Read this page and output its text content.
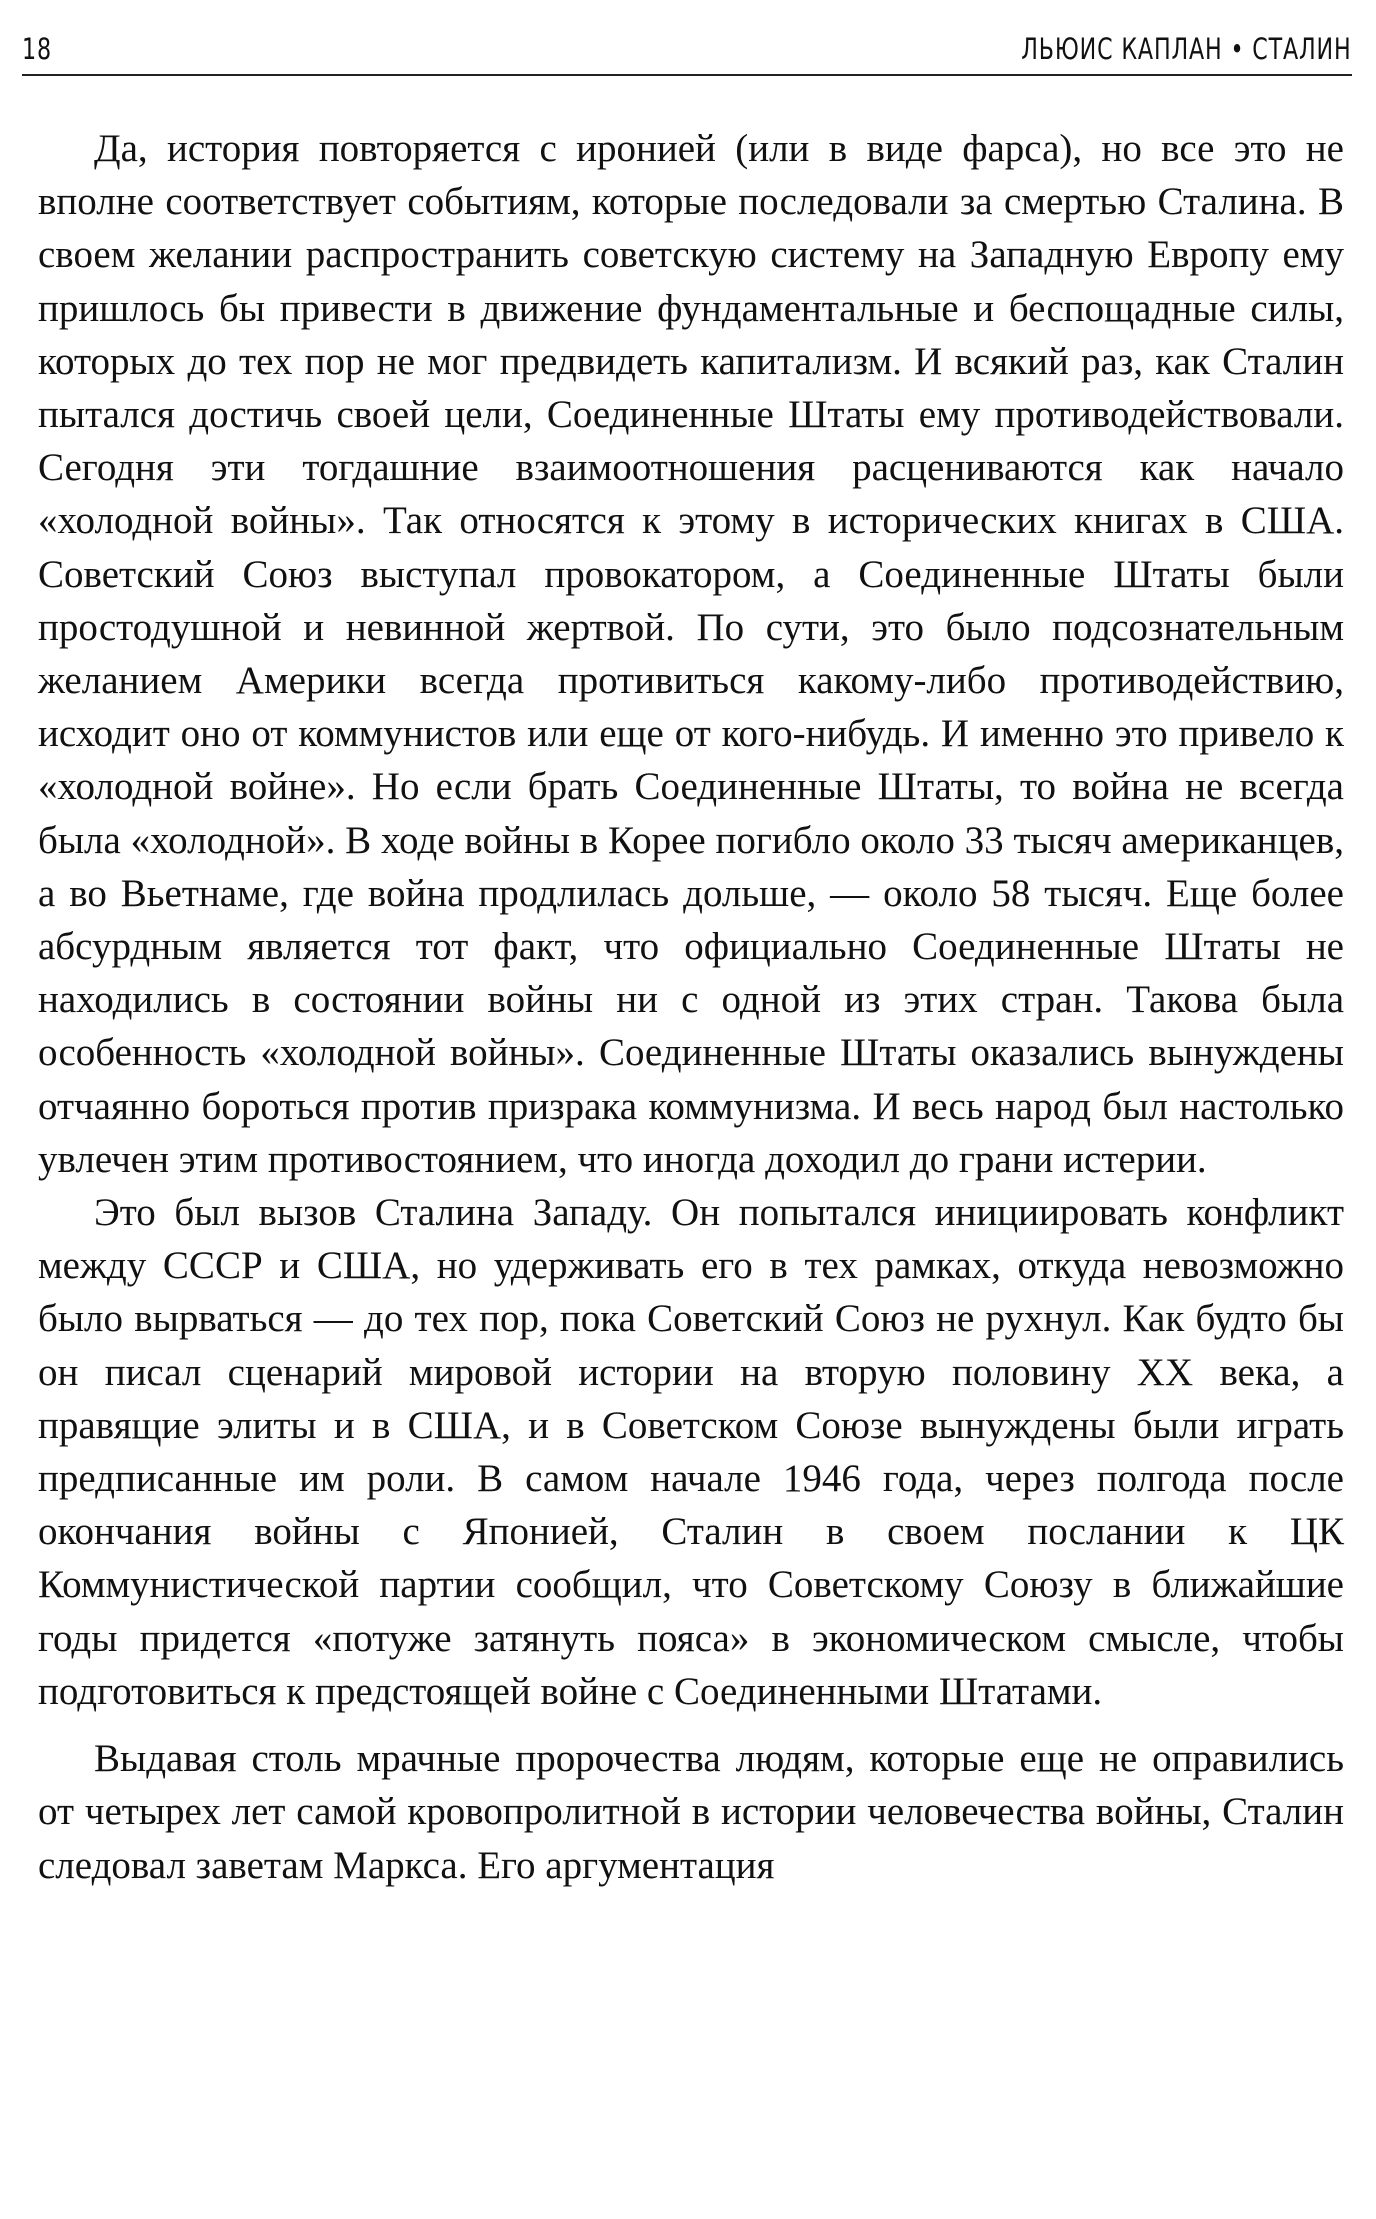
18	ЛЬЮИС КАПЛАН • СТАЛИН

Да, история повторяется с иронией (или в виде фарса), но все это не вполне соответствует событиям, которые последовали за смертью Сталина. В своем желании распространить советскую систему на Западную Европу ему пришлось бы привести в движение фундаментальные и беспощадные силы, которых до тех пор не мог предвидеть капитализм. И всякий раз, как Сталин пытался достичь своей цели, Соединенные Штаты ему противодействовали. Сегодня эти тогдашние взаимоотношения расцениваются как начало «холодной войны». Так относятся к этому в исторических книгах в США. Советский Союз выступал провокатором, а Соединенные Штаты были простодушной и невинной жертвой. По сути, это было подсознательным желанием Америки всегда противиться какому-либо противодействию, исходит оно от коммунистов или еще от кого-нибудь. И именно это привело к «холодной войне». Но если брать Соединенные Штаты, то война не всегда была «холодной». В ходе войны в Корее погибло около 33 тысяч американцев, а во Вьетнаме, где война продлилась дольше, — около 58 тысяч. Еще более абсурдным является тот факт, что официально Соединенные Штаты не находились в состоянии войны ни с одной из этих стран. Такова была особенность «холодной войны». Соединенные Штаты оказались вынуждены отчаянно бороться против призрака коммунизма. И весь народ был настолько увлечен этим противостоянием, что иногда доходил до грани истерии.

Это был вызов Сталина Западу. Он попытался инициировать конфликт между СССР и США, но удерживать его в тех рамках, откуда невозможно было вырваться — до тех пор, пока Советский Союз не рухнул. Как будто бы он писал сценарий мировой истории на вторую половину XX века, а правящие элиты и в США, и в Советском Союзе вынуждены были играть предписанные им роли. В самом начале 1946 года, через полгода после окончания войны с Японией, Сталин в своем послании к ЦК Коммунистической партии сообщил, что Советскому Союзу в ближайшие годы придется «потуже затянуть пояса» в экономическом смысле, чтобы подготовиться к предстоящей войне с Соединенными Штатами.

Выдавая столь мрачные пророчества людям, которые еще не оправились от четырех лет самой кровопролитной в истории человечества войны, Сталин следовал заветам Маркса. Его аргументация
